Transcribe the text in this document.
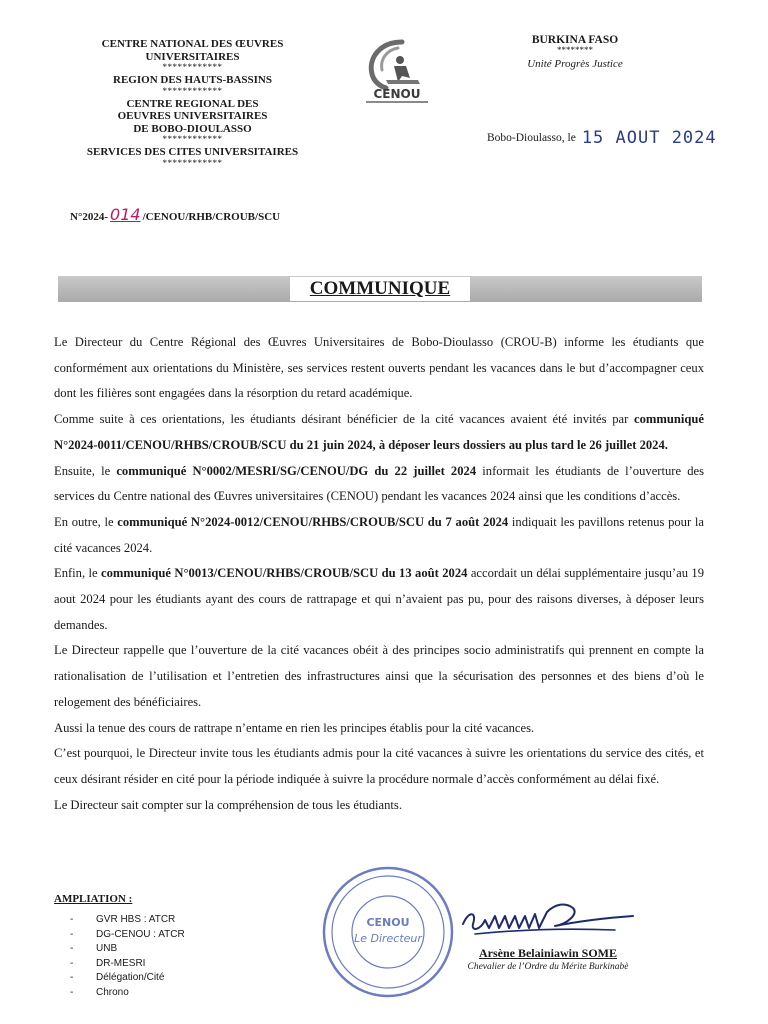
CENTRE NATIONAL DES ŒUVRES
UNIVERSITAIRES
************
REGION DES HAUTS-BASSINS
************
CENTRE REGIONAL DES
OEUVRES UNIVERSITAIRES
DE BOBO-DIOULASSO
************
SERVICES DES CITES UNIVERSITAIRES
************
N°2024- 014 /CENOU/RHB/CROUB/SCU
CENOU
BURKINA FASO
********
Unité Progrès Justice
Bobo-Dioulasso, le 15 AOUT 2024
COMMUNIQUE

Le Directeur du Centre Régional des Œuvres Universitaires de Bobo-Dioulasso (CROU-B) informe les étudiants que conformément aux orientations du Ministère, ses services restent ouverts pendant les vacances dans le but d’accompagner ceux dont les filières sont engagées dans la résorption du retard académique.

Comme suite à ces orientations, les étudiants désirant bénéficier de la cité vacances avaient été invités par communiqué N°2024-0011/CENOU/RHBS/CROUB/SCU du 21 juin 2024, à déposer leurs dossiers au plus tard le 26 juillet 2024.

Ensuite, le communiqué N°0002/MESRI/SG/CENOU/DG du 22 juillet 2024 informait les étudiants de l’ouverture des services du Centre national des Œuvres universitaires (CENOU) pendant les vacances 2024 ainsi que les conditions d’accès.

En outre, le communiqué N°2024-0012/CENOU/RHBS/CROUB/SCU du 7 août 2024 indiquait les pavillons retenus pour la cité vacances 2024.

Enfin, le communiqué N°0013/CENOU/RHBS/CROUB/SCU du 13 août 2024 accordait un délai supplémentaire jusqu’au 19 aout 2024 pour les étudiants ayant des cours de rattrapage et qui n’avaient pas pu, pour des raisons diverses, à déposer leurs demandes.

Le Directeur rappelle que l’ouverture de la cité vacances obéit à des principes socio administratifs qui prennent en compte la rationalisation de l’utilisation et l’entretien des infrastructures ainsi que la sécurisation des personnes et des biens d’où le relogement des bénéficiaires.

Aussi la tenue des cours de rattrape n’entame en rien les principes établis pour la cité vacances.

C’est pourquoi, le Directeur invite tous les étudiants admis pour la cité vacances à suivre les orientations du service des cités, et ceux désirant résider en cité pour la période indiquée à suivre la procédure normale d’accès conformément au délai fixé.

Le Directeur sait compter sur la compréhension de tous les étudiants.

AMPLIATION :
- GVR HBS : ATCR
- DG-CENOU : ATCR
- UNB
- DR-MESRI
- Délégation/Cité
- Chrono
CENOU
Le Directeur
Arsène Belainiawin SOME
Chevalier de l’Ordre du Mérite Burkinabè
